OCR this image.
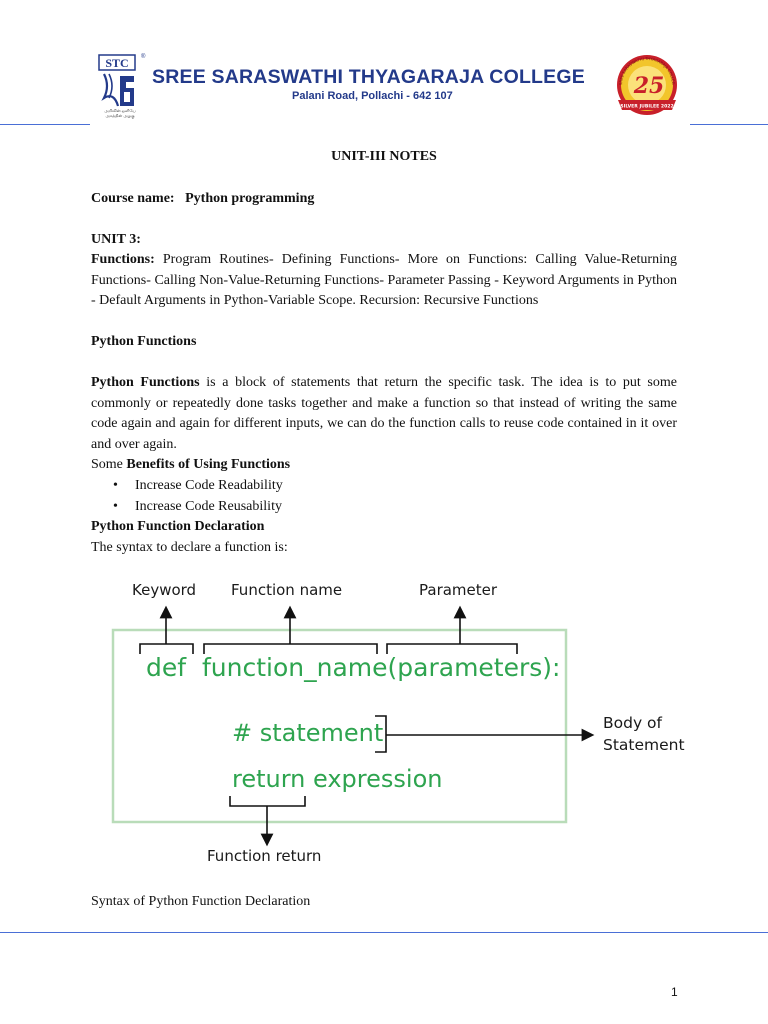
STC ®
அறிவின் ஒளியே அகத்தின் அழகு
SREE SARASWATHI THYAGARAJA COLLEGE
Palani Road, Pollachi - 642 107
SREE SARASWATHI THYAGARAJA COLLEG
25
SILVER JUBILEE 2022
UNIT-III NOTES
Course name: Python programming
UNIT 3:
Functions: Program Routines- Defining Functions- More on Functions: Calling Value-Returning Functions- Calling Non-Value-Returning Functions- Parameter Passing - Keyword Arguments in Python - Default Arguments in Python-Variable Scope. Recursion: Recursive Functions
Python Functions
Python Functions is a block of statements that return the specific task. The idea is to put some commonly or repeatedly done tasks together and make a function so that instead of writing the same code again and again for different inputs, we can do the function calls to reuse code contained in it over and over again.
Some Benefits of Using Functions
• Increase Code Readability
• Increase Code Reusability
Python Function Declaration
The syntax to declare a function is:
Keyword Function name	Parameter
def function_name(parameters):
# statement
return expression
Body of
Statement
Function return
Syntax of Python Function Declaration
1
